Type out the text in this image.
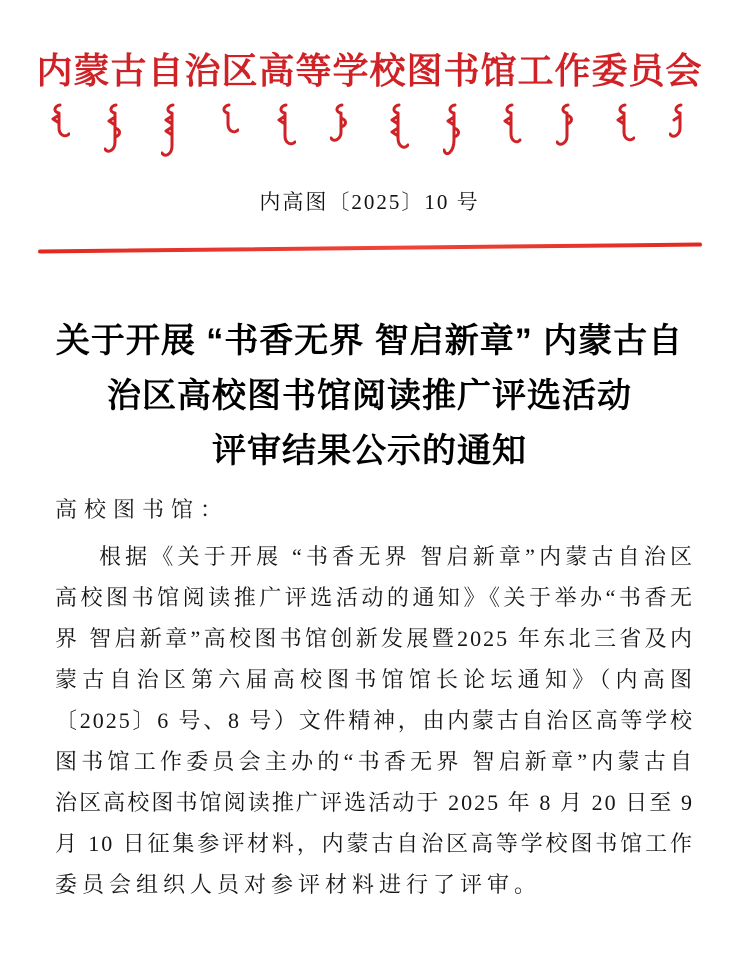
内蒙古自治区高等学校图书馆工作委员会
内高图〔2025〕10 号
关于开展 “书香无界 智启新章” 内蒙古自
治区高校图书馆阅读推广评选活动
评审结果公示的通知
高校图书馆：
根据《关于开展 “书香无界 智启新章”内蒙古自治区
高校图书馆阅读推广评选活动的通知》《关于举办“书香无
界 智启新章”高校图书馆创新发展暨2025 年东北三省及内
蒙古自治区第六届高校图书馆馆长论坛通知》（内高图
〔2025〕6 号、8 号）文件精神，由内蒙古自治区高等学校
图书馆工作委员会主办的“书香无界 智启新章”内蒙古自
治区高校图书馆阅读推广评选活动于 2025 年 8 月 20 日至 9
月 10 日征集参评材料，内蒙古自治区高等学校图书馆工作
委员会组织人员对参评材料进行了评审。
